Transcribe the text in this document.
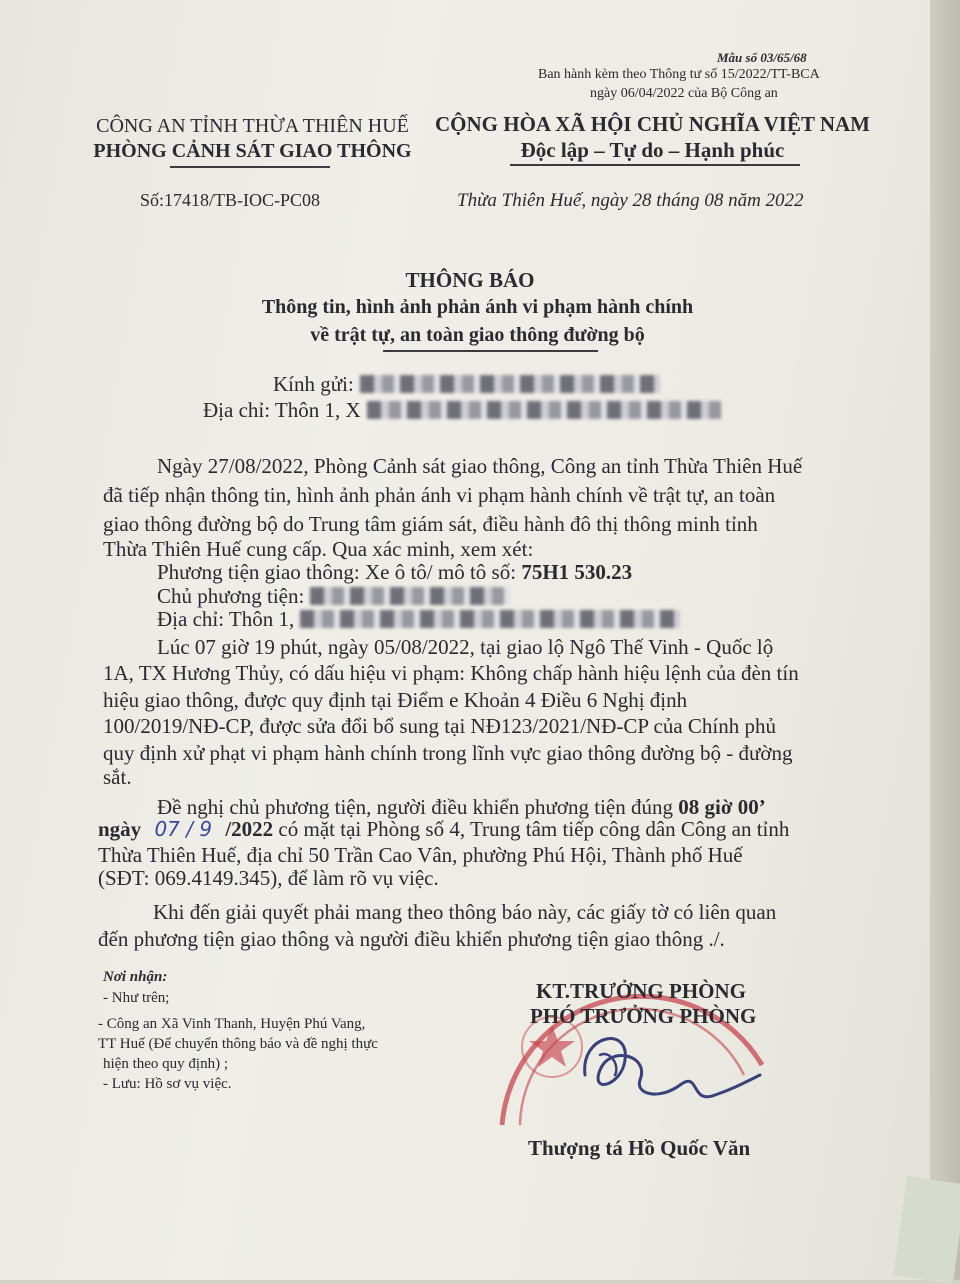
Mẫu số 03/65/68
Ban hành kèm theo Thông tư số 15/2022/TT-BCA
ngày 06/04/2022 của Bộ Công an
CÔNG AN TỈNH THỪA THIÊN HUẾ
PHÒNG CẢNH SÁT GIAO THÔNG
Số:17418/TB-IOC-PC08
CỘNG HÒA XÃ HỘI CHỦ NGHĨA VIỆT NAM
Độc lập – Tự do – Hạnh phúc
Thừa Thiên Huế, ngày 28 tháng 08 năm 2022
THÔNG BÁO
Thông tin, hình ảnh phản ánh vi phạm hành chính
về trật tự, an toàn giao thông đường bộ
Kính gửi:
Địa chỉ: Thôn 1, X
Ngày 27/08/2022, Phòng Cảnh sát giao thông, Công an tỉnh Thừa Thiên Huế
đã tiếp nhận thông tin, hình ảnh phản ánh vi phạm hành chính về trật tự, an toàn
giao thông đường bộ do Trung tâm giám sát, điều hành đô thị thông minh tỉnh
Thừa Thiên Huế cung cấp. Qua xác minh, xem xét:
Phương tiện giao thông: Xe ô tô/ mô tô số: 75H1 530.23
Chủ phương tiện:
Địa chỉ: Thôn 1,
Lúc 07 giờ 19 phút, ngày 05/08/2022, tại giao lộ Ngô Thế Vinh - Quốc lộ
1A, TX Hương Thủy, có dấu hiệu vi phạm: Không chấp hành hiệu lệnh của đèn tín
hiệu giao thông, được quy định tại Điểm e Khoản 4 Điều 6 Nghị định
100/2019/NĐ-CP, được sửa đổi bổ sung tại NĐ123/2021/NĐ-CP của Chính phủ
quy định xử phạt vi phạm hành chính trong lĩnh vực giao thông đường bộ - đường
sắt.
Đề nghị chủ phương tiện, người điều khiển phương tiện đúng 08 giờ 00’
ngày 07 / 9 /2022 có mặt tại Phòng số 4, Trung tâm tiếp công dân Công an tỉnh
Thừa Thiên Huế, địa chỉ 50 Trần Cao Vân, phường Phú Hội, Thành phố Huế
(SĐT: 069.4149.345), để làm rõ vụ việc.
Khi đến giải quyết phải mang theo thông báo này, các giấy tờ có liên quan
đến phương tiện giao thông và người điều khiển phương tiện giao thông ./.
Nơi nhận:
- Như trên;
- Công an Xã Vinh Thanh, Huyện Phú Vang,
TT Huế (Để chuyển thông báo và đề nghị thực
hiện theo quy định) ;
- Lưu: Hồ sơ vụ việc.
KT.TRƯỞNG PHÒNG
PHÓ TRƯỞNG PHÒNG
Thượng tá Hồ Quốc Văn
